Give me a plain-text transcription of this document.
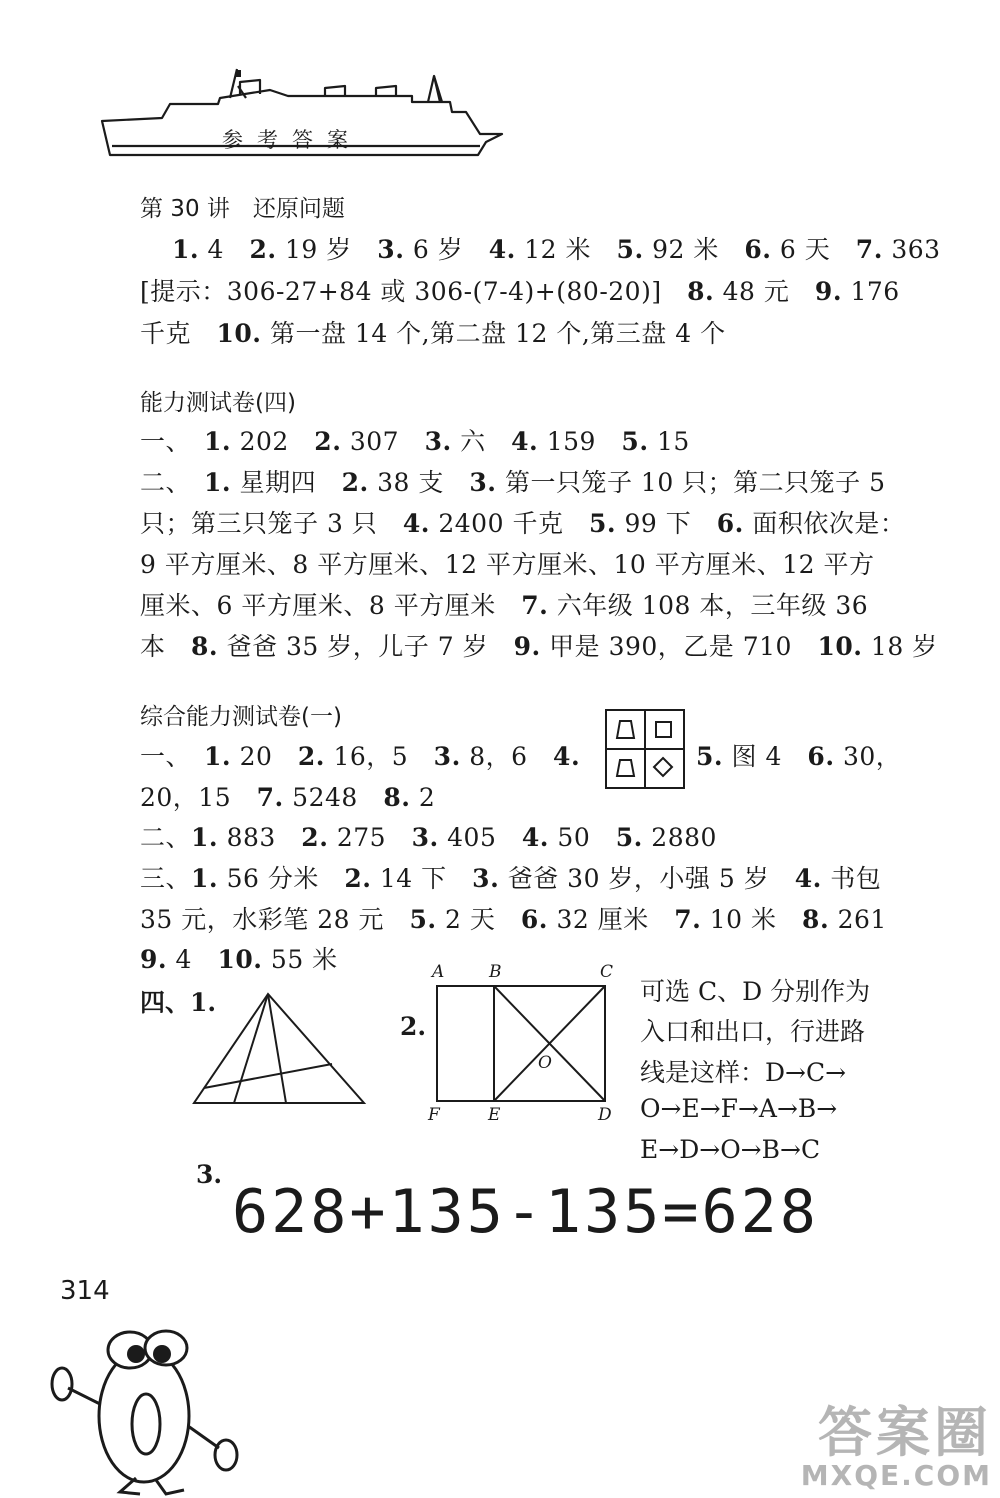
参考答案
第 30 讲　还原问题
1. 4　2. 19 岁　3. 6 岁　4. 12 米　5. 92 米　6. 6 天　7. 363
[提示：306-27+84 或 306-(7-4)+(80-20)]　8. 48 元　9. 176
千克　10. 第一盘 14 个,第二盘 12 个,第三盘 4 个
能力测试卷(四)
一、　1. 202　2. 307　3. 六　4. 159　5. 15
二、　1. 星期四　2. 38 支　3. 第一只笼子 10 只；第二只笼子 5
只；第三只笼子 3 只　4. 2400 千克　5. 99 下　6. 面积依次是：
9 平方厘米、8 平方厘米、12 平方厘米、10 平方厘米、12 平方
厘米、6 平方厘米、8 平方厘米　7. 六年级 108 本，三年级 36
本　8. 爸爸 35 岁，儿子 7 岁　9. 甲是 390，乙是 710　10. 18 岁
综合能力测试卷(一)
一、　1. 20　2. 16，5　3. 8，6　4.	5. 图 4　6. 30，
20，15　7. 5248　8. 2
二、1. 883　2. 275　3. 405　4. 50　5. 2880
三、1. 56 分米　2. 14 下　3. 爸爸 30 岁，小强 5 岁　4. 书包
35 元，水彩笔 28 元　5. 2 天　6. 32 厘米　7. 10 米　8. 261
9. 4　10. 55 米
四、1.
2.
A	B	C
O
F	E	D
可选 C、D 分别作为
入口和出口，行进路
线是这样：D→C→
O→E→F→A→B→
E→D→O→B→C
3.
628+135-135=628
314
答案圈
MXQE.COM
